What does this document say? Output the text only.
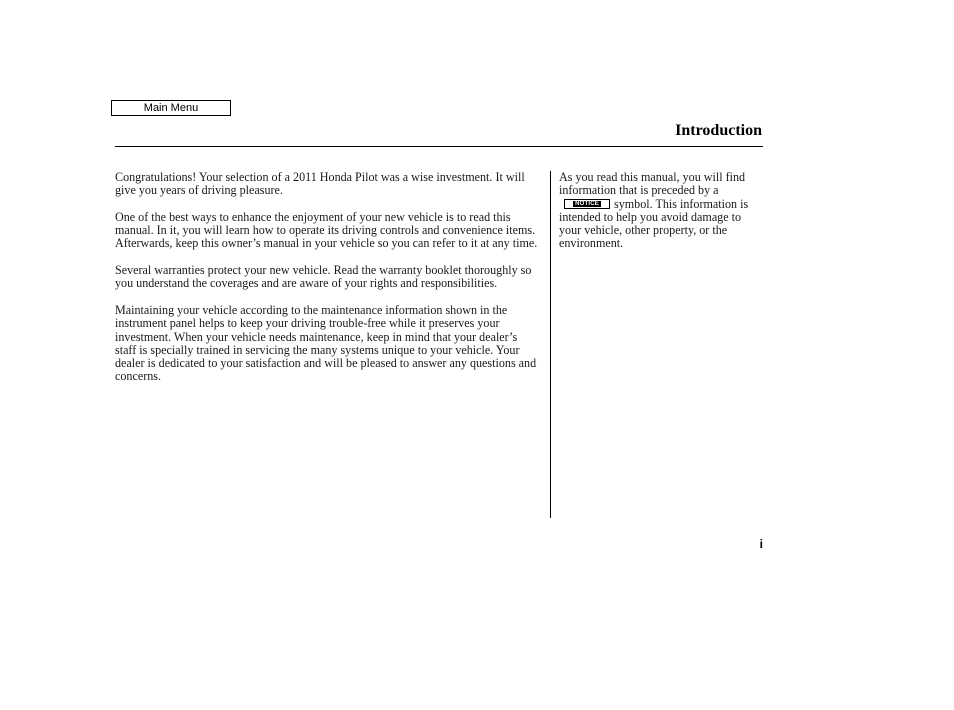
Main Menu
Introduction

Congratulations! Your selection of a 2011 Honda Pilot was a wise investment. It will give you years of driving pleasure.

One of the best ways to enhance the enjoyment of your new vehicle is to read this manual. In it, you will learn how to operate its driving controls and convenience items. Afterwards, keep this owner’s manual in your vehicle so you can refer to it at any time.

Several warranties protect your new vehicle. Read the warranty booklet thoroughly so you understand the coverages and are aware of your rights and responsibilities.

Maintaining your vehicle according to the maintenance information shown in the instrument panel helps to keep your driving trouble-free while it preserves your investment. When your vehicle needs maintenance, keep in mind that your dealer’s staff is specially trained in servicing the many systems unique to your vehicle. Your dealer is dedicated to your satisfaction and will be pleased to answer any questions and concerns.

As you read this manual, you will find information that is preceded by a
NOTICE symbol. This information is intended to help you avoid damage to your vehicle, other property, or the environment.

i
